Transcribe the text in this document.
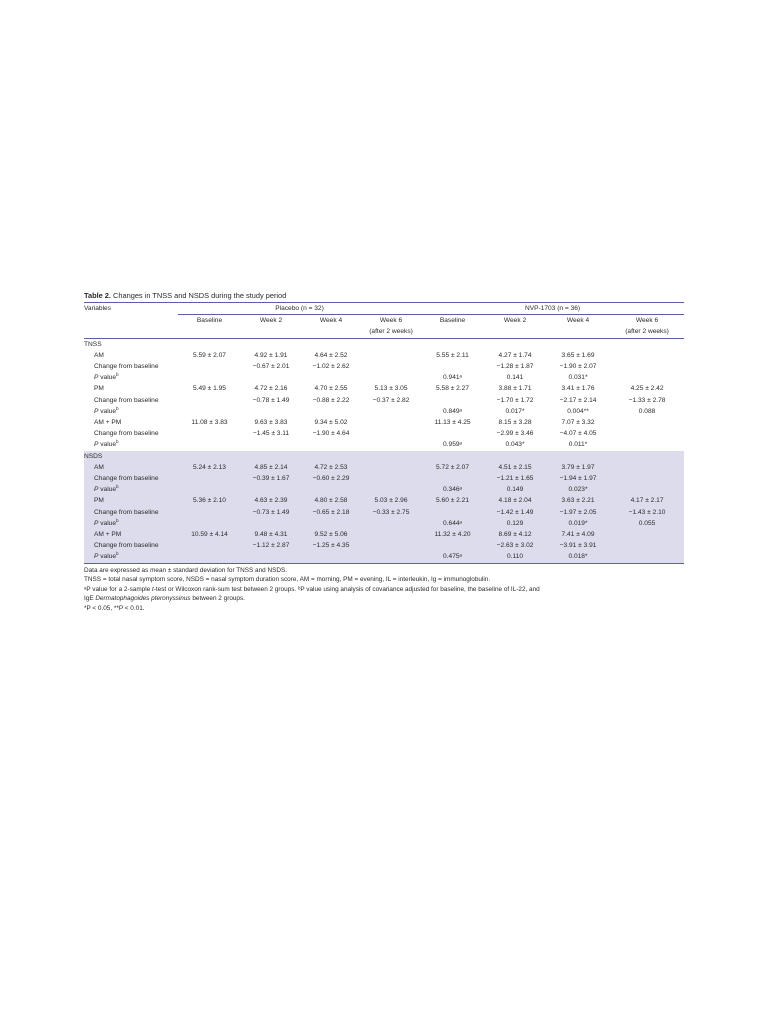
Table 2. Changes in TNSS and NSDS during the study period
Variables	Placebo (n = 32)				NVP-1703 (n = 36)			
	Baseline	Week 2	Week 4	Week 6	Baseline	Week 2	Week 4	Week 6
				(after 2 weeks)				(after 2 weeks)
TNSS								
AM	5.59 ± 2.07	4.92 ± 1.91	4.64 ± 2.52		5.55 ± 2.11	4.27 ± 1.74	3.65 ± 1.69	
Change from baseline		−0.67 ± 2.01	−1.02 ± 2.62			−1.28 ± 1.87	−1.90 ± 2.07	
P value$^b$					0.941ᵃ	0.141	0.031*	
PM	5.49 ± 1.95	4.72 ± 2.16	4.70 ± 2.55	5.13 ± 3.05	5.58 ± 2.27	3.88 ± 1.71	3.41 ± 1.76	4.25 ± 2.42
Change from baseline		−0.78 ± 1.49	−0.88 ± 2.22	−0.37 ± 2.82		−1.70 ± 1.72	−2.17 ± 2.14	−1.33 ± 2.78
P value$^b$					0.849ᵃ	0.017*	0.004**	0.088
AM + PM	11.08 ± 3.83	9.63 ± 3.83	9.34 ± 5.02		11.13 ± 4.25	8.15 ± 3.28	7.07 ± 3.32	
Change from baseline		−1.45 ± 3.11	−1.90 ± 4.64			−2.99 ± 3.46	−4.07 ± 4.05	
P value$^b$					0.959ᵃ	0.043*	0.011*	
NSDS								
AM	5.24 ± 2.13	4.85 ± 2.14	4.72 ± 2.53		5.72 ± 2.07	4.51 ± 2.15	3.79 ± 1.97	
Change from baseline		−0.39 ± 1.67	−0.60 ± 2.29			−1.21 ± 1.65	−1.94 ± 1.97	
P value$^b$					0.346ᵃ	0.149	0.023*	
PM	5.36 ± 2.10	4.63 ± 2.39	4.80 ± 2.58	5.03 ± 2.96	5.60 ± 2.21	4.18 ± 2.04	3.63 ± 2.21	4.17 ± 2.17
Change from baseline		−0.73 ± 1.49	−0.65 ± 2.18	−0.33 ± 2.75		−1.42 ± 1.49	−1.97 ± 2.05	−1.43 ± 2.10
P value$^b$					0.644ᵃ	0.129	0.019*	0.055
AM + PM	10.59 ± 4.14	9.48 ± 4.31	9.52 ± 5.06		11.32 ± 4.20	8.69 ± 4.12	7.41 ± 4.09	
Change from baseline		−1.12 ± 2.87	−1.25 ± 4.35			−2.63 ± 3.02	−3.91 ± 3.91	
P value$^b$					0.475ᵃ	0.110	0.018*	
Data are expressed as mean ± standard deviation for TNSS and NSDS.
TNSS = total nasal symptom score, NSDS = nasal symptom duration score, AM = morning, PM = evening, IL = interleukin, Ig = immunoglobulin.
ᵃP value for a 2-sample t-test or Wilcoxon rank-sum test between 2 groups. ᵇP value using analysis of covariance adjusted for baseline, the baseline of IL-22, and
IgE Dermatophagoides pteronyssinus between 2 groups.
*P < 0.05, **P < 0.01.
